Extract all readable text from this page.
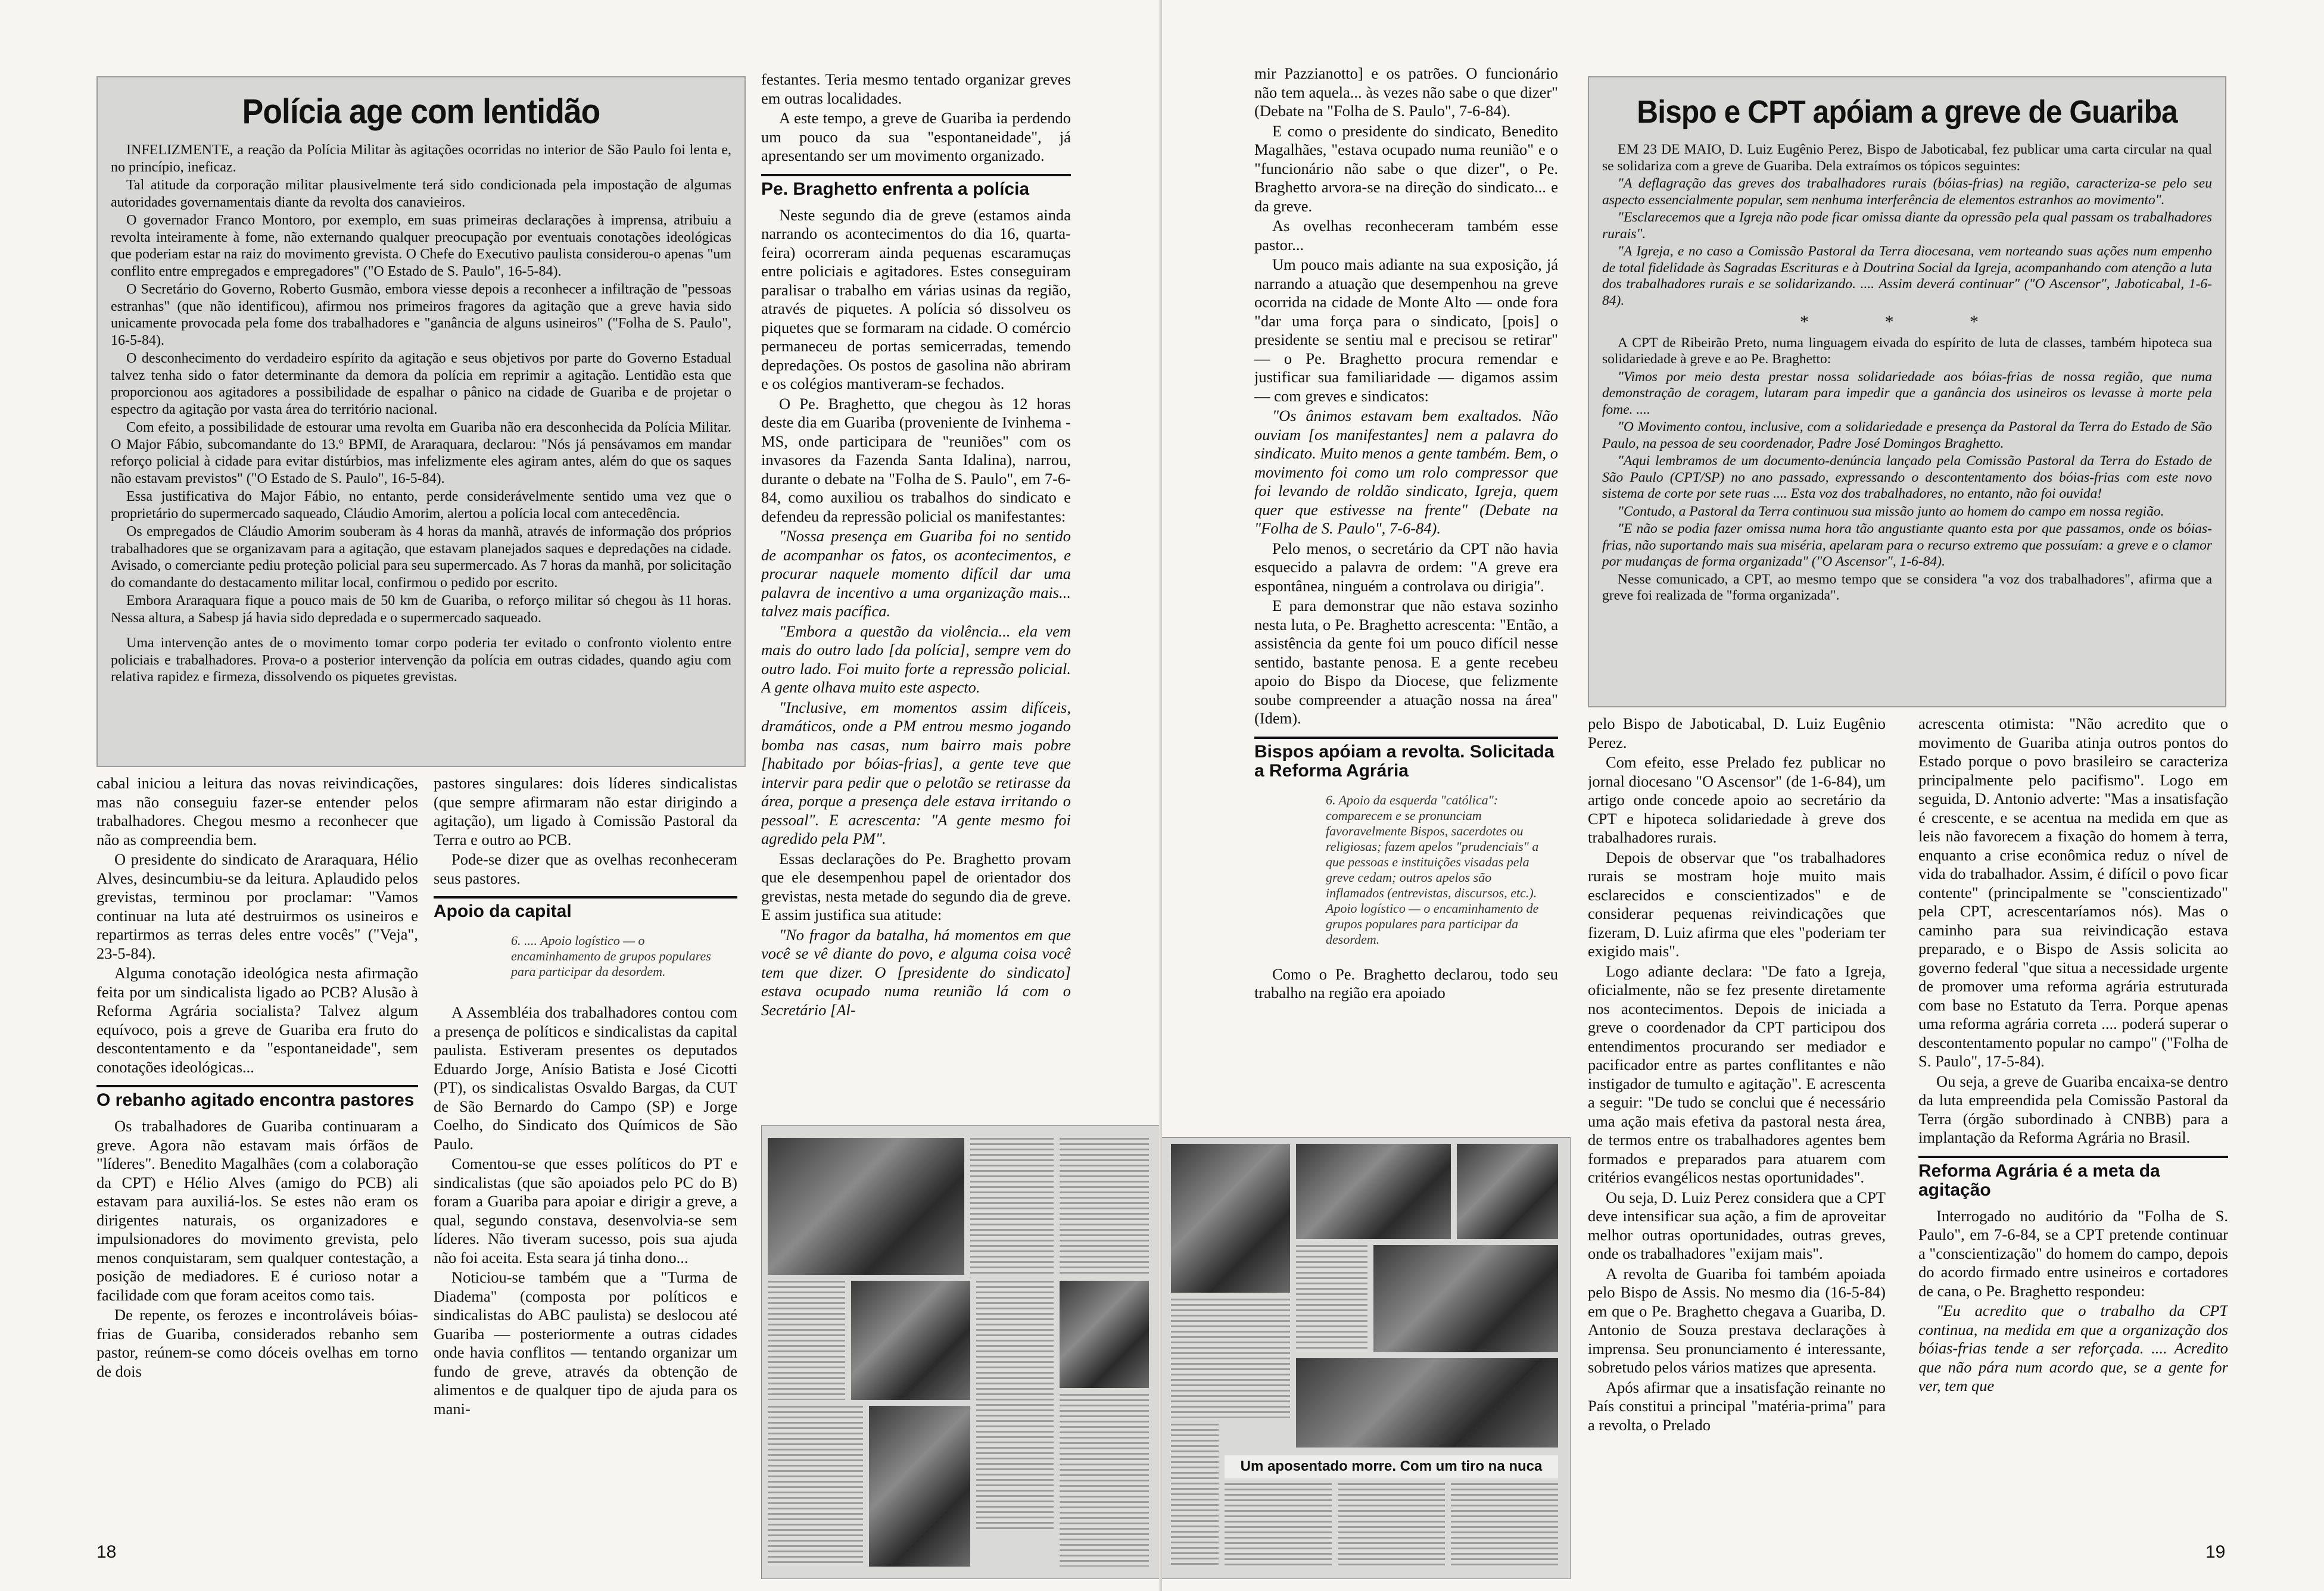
Polícia age com lentidão

INFELIZMENTE, a reação da Polícia Militar às agitações ocorridas no interior de São Paulo foi lenta e, no princípio, ineficaz.

Tal atitude da corporação militar plausivelmente terá sido condicionada pela impostação de algumas autoridades governamentais diante da revolta dos canavieiros.

O governador Franco Montoro, por exemplo, em suas primeiras declarações à imprensa, atribuiu a revolta inteiramente à fome, não externando qualquer preocupação por eventuais conotações ideológicas que poderiam estar na raiz do movimento grevista. O Chefe do Executivo paulista considerou-o apenas "um conflito entre empregados e empregadores" ("O Estado de S. Paulo", 16-5-84).

O Secretário do Governo, Roberto Gusmão, embora viesse depois a reconhecer a infiltração de "pessoas estranhas" (que não identificou), afirmou nos primeiros fragores da agitação que a greve havia sido unicamente provocada pela fome dos trabalhadores e "ganância de alguns usineiros" ("Folha de S. Paulo", 16-5-84).

O desconhecimento do verdadeiro espírito da agitação e seus objetivos por parte do Governo Estadual talvez tenha sido o fator determinante da demora da polícia em reprimir a agitação. Lentidão esta que proporcionou aos agitadores a possibilidade de espalhar o pânico na cidade de Guariba e de projetar o espectro da agitação por vasta área do território nacional.

Com efeito, a possibilidade de estourar uma revolta em Guariba não era desconhecida da Polícia Militar. O Major Fábio, subcomandante do 13.º BPMI, de Araraquara, declarou: "Nós já pensávamos em mandar reforço policial à cidade para evitar distúrbios, mas infelizmente eles agiram antes, além do que os saques não estavam previstos" ("O Estado de S. Paulo", 16-5-84).

Essa justificativa do Major Fábio, no entanto, perde considerávelmente sentido uma vez que o proprietário do supermercado saqueado, Cláudio Amorim, alertou a polícia local com antecedência.

Os empregados de Cláudio Amorim souberam às 4 horas da manhã, através de informação dos próprios trabalhadores que se organizavam para a agitação, que estavam planejados saques e depredações na cidade. Avisado, o comerciante pediu proteção policial para seu supermercado. As 7 horas da manhã, por solicitação do comandante do destacamento militar local, confirmou o pedido por escrito.

Embora Araraquara fique a pouco mais de 50 km de Guariba, o reforço militar só chegou às 11 horas. Nessa altura, a Sabesp já havia sido depredada e o supermercado saqueado.

Uma intervenção antes de o movimento tomar corpo poderia ter evitado o confronto violento entre policiais e trabalhadores. Prova-o a posterior intervenção da polícia em outras cidades, quando agiu com relativa rapidez e firmeza, dissolvendo os piquetes grevistas.

cabal iniciou a leitura das novas reivindicações, mas não conseguiu fazer-se entender pelos trabalhadores. Chegou mesmo a reconhecer que não as compreendia bem.

O presidente do sindicato de Araraquara, Hélio Alves, desincumbiu-se da leitura. Aplaudido pelos grevistas, terminou por proclamar: "Vamos continuar na luta até destruirmos os usineiros e repartirmos as terras deles entre vocês" ("Veja", 23-5-84).

Alguma conotação ideológica nesta afirmação feita por um sindicalista ligado ao PCB? Alusão à Reforma Agrária socialista? Talvez algum equívoco, pois a greve de Guariba era fruto do descontentamento e da "espontaneidade", sem conotações ideológicas...

O rebanho agitado encontra pastores

Os trabalhadores de Guariba continuaram a greve. Agora não estavam mais órfãos de "líderes". Benedito Magalhães (com a colaboração da CPT) e Hélio Alves (amigo do PCB) ali estavam para auxiliá-los. Se estes não eram os dirigentes naturais, os organizadores e impulsionadores do movimento grevista, pelo menos conquistaram, sem qualquer contestação, a posição de mediadores. E é curioso notar a facilidade com que foram aceitos como tais.

De repente, os ferozes e incontroláveis bóias-frias de Guariba, considerados rebanho sem pastor, reúnem-se como dóceis ovelhas em torno de dois

pastores singulares: dois líderes sindicalistas (que sempre afirmaram não estar dirigindo a agitação), um ligado à Comissão Pastoral da Terra e outro ao PCB.

Pode-se dizer que as ovelhas reconheceram seus pastores.

Apoio da capital

6. .... Apoio logístico — o encaminhamento de grupos populares para participar da desordem.

A Assembléia dos trabalhadores contou com a presença de políticos e sindicalistas da capital paulista. Estiveram presentes os deputados Eduardo Jorge, Anísio Batista e José Cicotti (PT), os sindicalistas Osvaldo Bargas, da CUT de São Bernardo do Campo (SP) e Jorge Coelho, do Sindicato dos Químicos de São Paulo.

Comentou-se que esses políticos do PT e sindicalistas (que são apoiados pelo PC do B) foram a Guariba para apoiar e dirigir a greve, a qual, segundo constava, desenvolvia-se sem líderes. Não tiveram sucesso, pois sua ajuda não foi aceita. Esta seara já tinha dono...

Noticiou-se também que a "Turma de Diadema" (composta por políticos e sindicalistas do ABC paulista) se deslocou até Guariba — posteriormente a outras cidades onde havia conflitos — tentando organizar um fundo de greve, através da obtenção de alimentos e de qualquer tipo de ajuda para os mani-

festantes. Teria mesmo tentado organizar greves em outras localidades.

A este tempo, a greve de Guariba ia perdendo um pouco da sua "espontaneidade", já apresentando ser um movimento organizado.

Pe. Braghetto enfrenta a polícia

Neste segundo dia de greve (estamos ainda narrando os acontecimentos do dia 16, quarta-feira) ocorreram ainda pequenas escaramuças entre policiais e agitadores. Estes conseguiram paralisar o trabalho em várias usinas da região, através de piquetes. A polícia só dissolveu os piquetes que se formaram na cidade. O comércio permaneceu de portas semicerradas, temendo depredações. Os postos de gasolina não abriram e os colégios mantiveram-se fechados.

O Pe. Braghetto, que chegou às 12 horas deste dia em Guariba (proveniente de Ivinhema - MS, onde participara de "reuniões" com os invasores da Fazenda Santa Idalina), narrou, durante o debate na "Folha de S. Paulo", em 7-6-84, como auxiliou os trabalhos do sindicato e defendeu da repressão policial os manifestantes:

"Nossa presença em Guariba foi no sentido de acompanhar os fatos, os acontecimentos, e procurar naquele momento difícil dar uma palavra de incentivo a uma organização mais... talvez mais pacífica.

"Embora a questão da violência... ela vem mais do outro lado [da polícia], sempre vem do outro lado. Foi muito forte a repressão policial. A gente olhava muito este aspecto.

"Inclusive, em momentos assim difíceis, dramáticos, onde a PM entrou mesmo jogando bomba nas casas, num bairro mais pobre [habitado por bóias-frias], a gente teve que intervir para pedir que o pelotão se retirasse da área, porque a presença dele estava irritando o pessoal". E acrescenta: "A gente mesmo foi agredido pela PM".

Essas declarações do Pe. Braghetto provam que ele desempenhou papel de orientador dos grevistas, nesta metade do segundo dia de greve. E assim justifica sua atitude:

"No fragor da batalha, há momentos em que você se vê diante do povo, e alguma coisa você tem que dizer. O [presidente do sindicato] estava ocupado numa reunião lá com o Secretário [Al-

18

mir Pazzianotto] e os patrões. O funcionário não tem aquela... às vezes não sabe o que dizer" (Debate na "Folha de S. Paulo", 7-6-84).

E como o presidente do sindicato, Benedito Magalhães, "estava ocupado numa reunião" e o "funcionário não sabe o que dizer", o Pe. Braghetto arvora-se na direção do sindicato... e da greve.

As ovelhas reconheceram também esse pastor...

Um pouco mais adiante na sua exposição, já narrando a atuação que desempenhou na greve ocorrida na cidade de Monte Alto — onde fora "dar uma força para o sindicato, [pois] o presidente se sentiu mal e precisou se retirar" — o Pe. Braghetto procura remendar e justificar sua familiaridade — digamos assim — com greves e sindicatos:

"Os ânimos estavam bem exaltados. Não ouviam [os manifestantes] nem a palavra do sindicato. Muito menos a gente também. Bem, o movimento foi como um rolo compressor que foi levando de roldão sindicato, Igreja, quem quer que estivesse na frente" (Debate na "Folha de S. Paulo", 7-6-84).

Pelo menos, o secretário da CPT não havia esquecido a palavra de ordem: "A greve era espontânea, ninguém a controlava ou dirigia".

E para demonstrar que não estava sozinho nesta luta, o Pe. Braghetto acrescenta: "Então, a assistência da gente foi um pouco difícil nesse sentido, bastante penosa. E a gente recebeu apoio do Bispo da Diocese, que felizmente soube compreender a atuação nossa na área" (Idem).

Bispos apóiam a revolta. Solicitada a Reforma Agrária

6. Apoio da esquerda "católica": comparecem e se pronunciam favoravelmente Bispos, sacerdotes ou religiosas; fazem apelos "prudenciais" a que pessoas e instituições visadas pela greve cedam; outros apelos são inflamados (entrevistas, discursos, etc.). Apoio logístico — o encaminhamento de grupos populares para participar da desordem.

Como o Pe. Braghetto declarou, todo seu trabalho na região era apoiado

Bispo e CPT apóiam a greve de Guariba

EM 23 DE MAIO, D. Luiz Eugênio Perez, Bispo de Jaboticabal, fez publicar uma carta circular na qual se solidariza com a greve de Guariba. Dela extraímos os tópicos seguintes:

"A deflagração das greves dos trabalhadores rurais (bóias-frias) na região, caracteriza-se pelo seu aspecto essencialmente popular, sem nenhuma interferência de elementos estranhos ao movimento".

"Esclarecemos que a Igreja não pode ficar omissa diante da opressão pela qual passam os trabalhadores rurais".

"A Igreja, e no caso a Comissão Pastoral da Terra diocesana, vem norteando suas ações num empenho de total fidelidade às Sagradas Escrituras e à Doutrina Social da Igreja, acompanhando com atenção a luta dos trabalhadores rurais e se solidarizando. .... Assim deverá continuar" ("O Ascensor", Jaboticabal, 1-6-84).

* * *

A CPT de Ribeirão Preto, numa linguagem eivada do espírito de luta de classes, também hipoteca sua solidariedade à greve e ao Pe. Braghetto:

"Vimos por meio desta prestar nossa solidariedade aos bóias-frias de nossa região, que numa demonstração de coragem, lutaram para impedir que a ganância dos usineiros os levasse à morte pela fome. ....

"O Movimento contou, inclusive, com a solidariedade e presença da Pastoral da Terra do Estado de São Paulo, na pessoa de seu coordenador, Padre José Domingos Braghetto.

"Aqui lembramos de um documento-denúncia lançado pela Comissão Pastoral da Terra do Estado de São Paulo (CPT/SP) no ano passado, expressando o descontentamento dos bóias-frias com este novo sistema de corte por sete ruas .... Esta voz dos trabalhadores, no entanto, não foi ouvida!

"Contudo, a Pastoral da Terra continuou sua missão junto ao homem do campo em nossa região.

"E não se podia fazer omissa numa hora tão angustiante quanto esta por que passamos, onde os bóias-frias, não suportando mais sua miséria, apelaram para o recurso extremo que possuíam: a greve e o clamor por mudanças de forma organizada" ("O Ascensor", 1-6-84).

Nesse comunicado, a CPT, ao mesmo tempo que se considera "a voz dos trabalhadores", afirma que a greve foi realizada de "forma organizada".

pelo Bispo de Jaboticabal, D. Luiz Eugênio Perez.

Com efeito, esse Prelado fez publicar no jornal diocesano "O Ascensor" (de 1-6-84), um artigo onde concede apoio ao secretário da CPT e hipoteca solidariedade à greve dos trabalhadores rurais.

Depois de observar que "os trabalhadores rurais se mostram hoje muito mais esclarecidos e conscientizados" e de considerar pequenas reivindicações que fizeram, D. Luiz afirma que eles "poderiam ter exigido mais".

Logo adiante declara: "De fato a Igreja, oficialmente, não se fez presente diretamente nos acontecimentos. Depois de iniciada a greve o coordenador da CPT participou dos entendimentos procurando ser mediador e pacificador entre as partes conflitantes e não instigador de tumulto e agitação". E acrescenta a seguir: "De tudo se conclui que é necessário uma ação mais efetiva da pastoral nesta área, de termos entre os trabalhadores agentes bem formados e preparados para atuarem com critérios evangélicos nestas oportunidades".

Ou seja, D. Luiz Perez considera que a CPT deve intensificar sua ação, a fim de aproveitar melhor outras oportunidades, outras greves, onde os trabalhadores "exijam mais".

A revolta de Guariba foi também apoiada pelo Bispo de Assis. No mesmo dia (16-5-84) em que o Pe. Braghetto chegava a Guariba, D. Antonio de Souza prestava declarações à imprensa. Seu pronunciamento é interessante, sobretudo pelos vários matizes que apresenta.

Após afirmar que a insatisfação reinante no País constitui a principal "matéria-prima" para a revolta, o Prelado

acrescenta otimista: "Não acredito que o movimento de Guariba atinja outros pontos do Estado porque o povo brasileiro se caracteriza principalmente pelo pacifismo". Logo em seguida, D. Antonio adverte: "Mas a insatisfação é crescente, e se acentua na medida em que as leis não favorecem a fixação do homem à terra, enquanto a crise econômica reduz o nível de vida do trabalhador. Assim, é difícil o povo ficar contente" (principalmente se "conscientizado" pela CPT, acrescentaríamos nós). Mas o caminho para sua reivindicação estava preparado, e o Bispo de Assis solicita ao governo federal "que situa a necessidade urgente de promover uma reforma agrária estruturada com base no Estatuto da Terra. Porque apenas uma reforma agrária correta .... poderá superar o descontentamento popular no campo" ("Folha de S. Paulo", 17-5-84).

Ou seja, a greve de Guariba encaixa-se dentro da luta empreendida pela Comissão Pastoral da Terra (órgão subordinado à CNBB) para a implantação da Reforma Agrária no Brasil.

Reforma Agrária é a meta da agitação

Interrogado no auditório da "Folha de S. Paulo", em 7-6-84, se a CPT pretende continuar a "conscientização" do homem do campo, depois do acordo firmado entre usineiros e cortadores de cana, o Pe. Braghetto respondeu:

"Eu acredito que o trabalho da CPT continua, na medida em que a organização dos bóias-frias tende a ser reforçada. .... Acredito que não pára num acordo que, se a gente for ver, tem que

Um aposentado morre. Com um tiro na nuca
19
